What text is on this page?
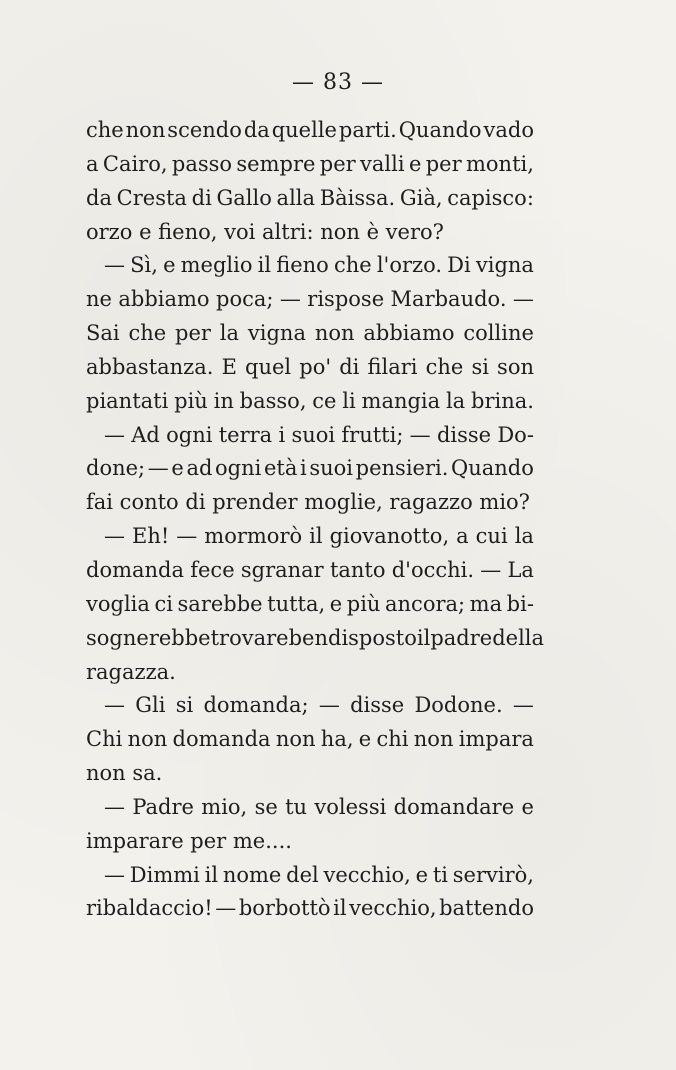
— 83 —
che non scendo da quelle parti. Quando vado
a Cairo, passo sempre per valli e per monti,
da Cresta di Gallo alla Bàissa. Già, capisco:
orzo e fieno, voi altri: non è vero?
— Sì, e meglio il fieno che l'orzo. Di vigna
ne abbiamo poca; — rispose Marbaudo. —
Sai che per la vigna non abbiamo colline
abbastanza. E quel po' di filari che si son
piantati più in basso, ce li mangia la brina.
— Ad ogni terra i suoi frutti; — disse Do-
done; — e ad ogni età i suoi pensieri. Quando
fai conto di prender moglie, ragazzo mio?
— Eh! — mormorò il giovanotto, a cui la
domanda fece sgranar tanto d'occhi. — La
voglia ci sarebbe tutta, e più ancora; ma bi-
sognerebbe trovare ben disposto il padre della
ragazza.
— Gli si domanda; — disse Dodone. —
Chi non domanda non ha, e chi non impara
non sa.
— Padre mio, se tu volessi domandare e
imparare per me....
— Dimmi il nome del vecchio, e ti servirò,
ribaldaccio! — borbottò il vecchio, battendo
